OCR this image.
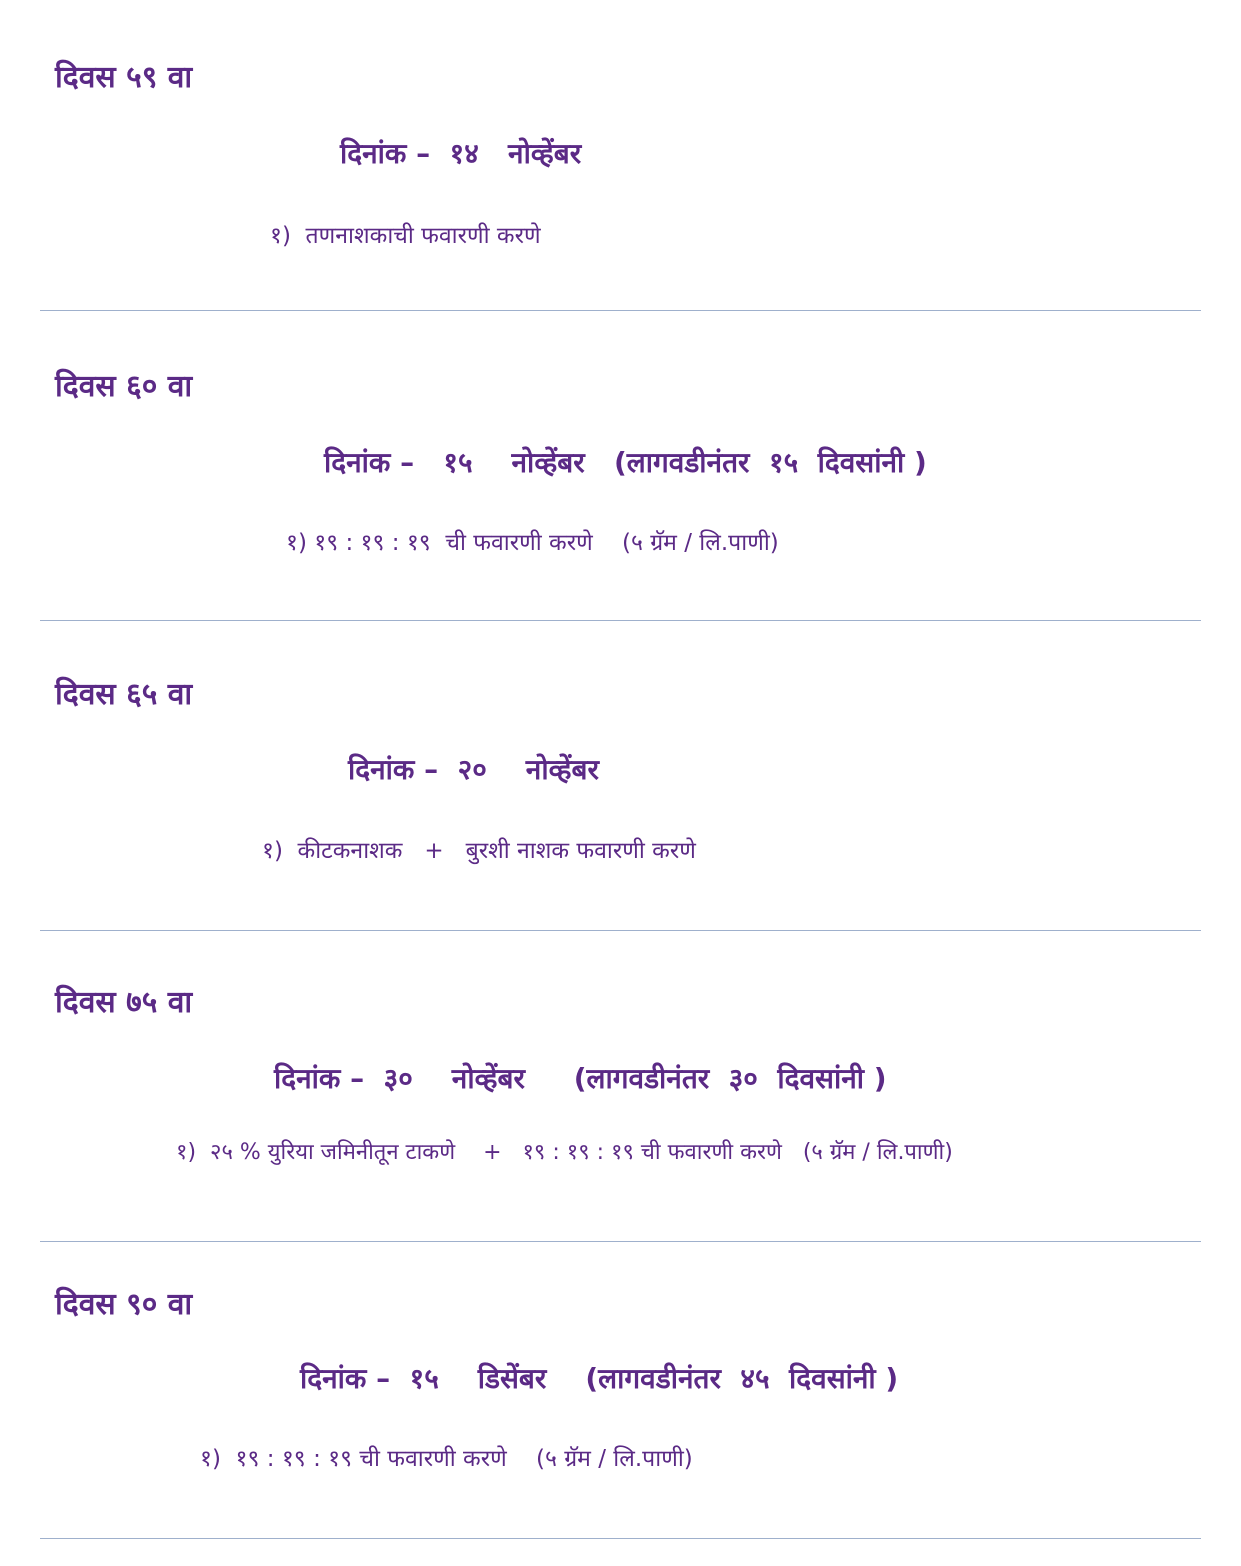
दिवस ५९ वा
दिनांक –  १४   नोव्हेंबर
१)  तणनाशकाची फवारणी करणे
दिवस ६० वा
दिनांक –   १५    नोव्हेंबर   (लागवडीनंतर  १५  दिवसांनी )
१) १९ : १९ : १९  ची फवारणी करणे    (५ ग्रॅम / लि.पाणी)
दिवस ६५ वा
दिनांक –  २०    नोव्हेंबर
१)  कीटकनाशक   +   बुरशी नाशक फवारणी करणे
दिवस ७५ वा
दिनांक –  ३०    नोव्हेंबर     (लागवडीनंतर  ३०  दिवसांनी )
१)  २५ % युरिया जमिनीतून टाकणे    +   १९ : १९ : १९ ची फवारणी करणे   (५ ग्रॅम / लि.पाणी)
दिवस ९० वा
दिनांक –  १५    डिसेंबर    (लागवडीनंतर  ४५  दिवसांनी )
१)  १९ : १९ : १९ ची फवारणी करणे    (५ ग्रॅम / लि.पाणी)
